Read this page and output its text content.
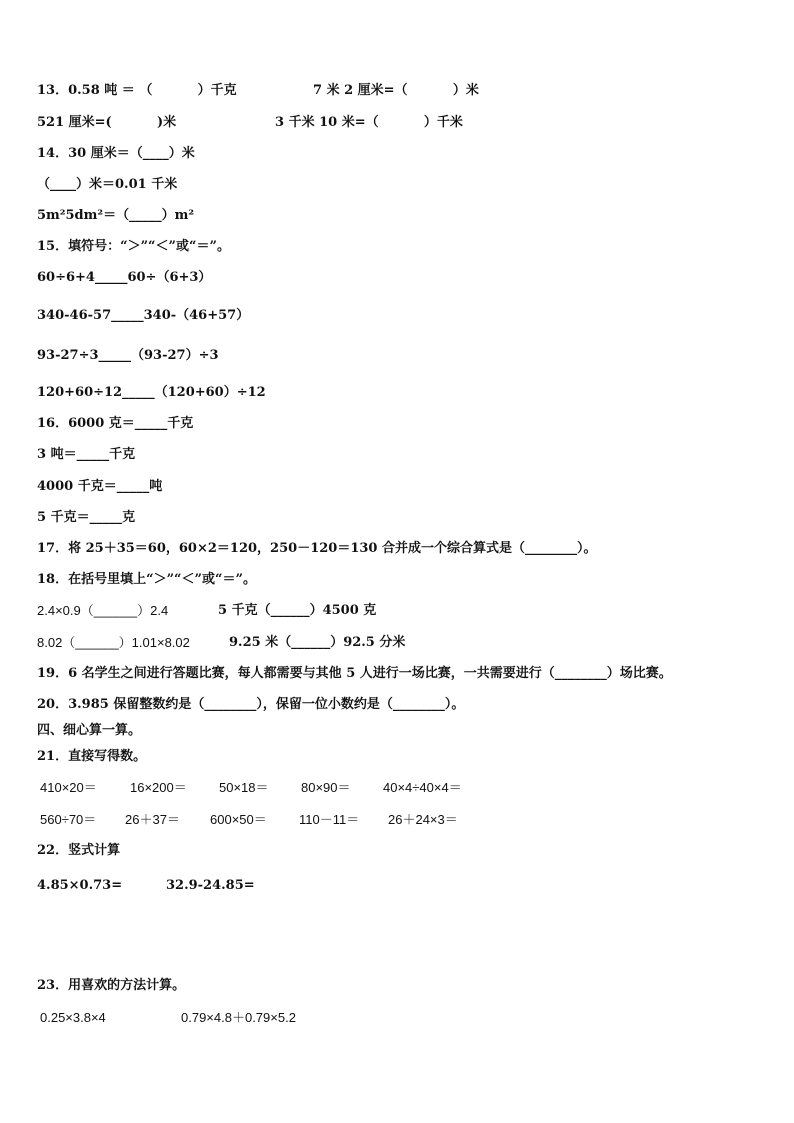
13．0.58 吨 ＝ （          ）千克	7 米 2 厘米=（          ）米
521 厘米=(          )米	3 千米 10 米=（          ）千米
14．30 厘米＝（____）米
（____）米＝0.01 千米
5m²5dm²＝（_____）m²
15．填符号：“＞”“＜”或“＝”。
60÷6+4_____60÷（6+3）
340-46-57_____340-（46+57）
93-27÷3_____（93-27）÷3
120+60÷12_____（120+60）÷12
16．6000 克＝_____千克
3 吨＝_____千克
4000 千克＝_____吨
5 千克＝_____克
17．将 25＋35＝60，60×2＝120，250－120＝130 合并成一个综合算式是（________）。
18．在括号里填上“＞”“＜”或“＝”。
2.4×0.9（______）2.4	5 千克（______）4500 克
8.02（______）1.01×8.02	9.25 米（______）92.5 分米
19．6 名学生之间进行答题比赛，每人都需要与其他 5 人进行一场比赛，一共需要进行（________）场比赛。
20．3.985 保留整数约是（________），保留一位小数约是（________）。
四、细心算一算。
21．直接写得数。
410×20＝	16×200＝ 50×18＝ 80×90＝ 40×4÷40×4＝
560÷70＝ 26＋37＝ 600×50＝ 110－11＝ 26＋24×3＝
22．竖式计算
4.85×0.73=	32.9-24.85=
23．用喜欢的方法计算。
0.25×3.8×4	0.79×4.8＋0.79×5.2
